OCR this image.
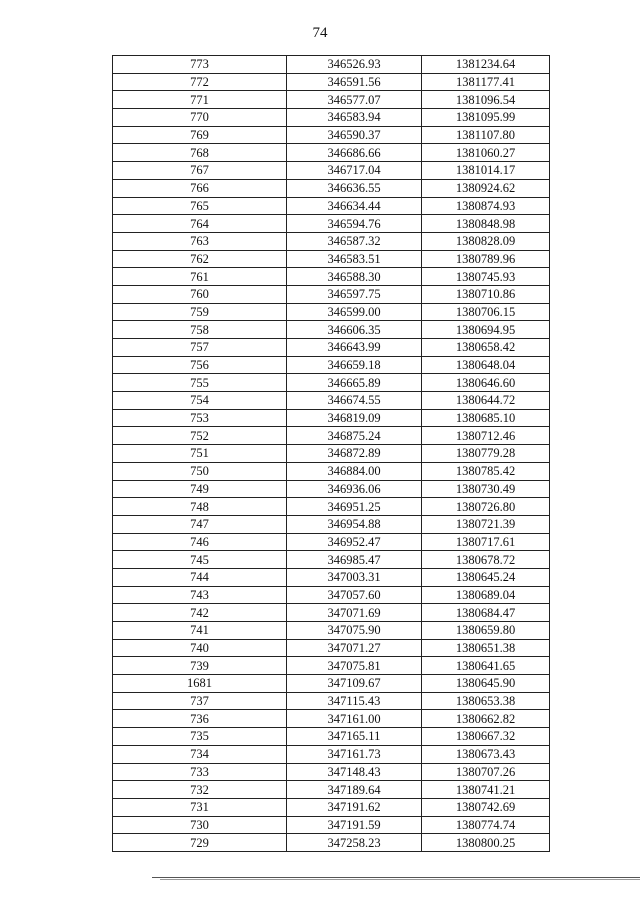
74
773	346526.93	1381234.64
772	346591.56	1381177.41
771	346577.07	1381096.54
770	346583.94	1381095.99
769	346590.37	1381107.80
768	346686.66	1381060.27
767	346717.04	1381014.17
766	346636.55	1380924.62
765	346634.44	1380874.93
764	346594.76	1380848.98
763	346587.32	1380828.09
762	346583.51	1380789.96
761	346588.30	1380745.93
760	346597.75	1380710.86
759	346599.00	1380706.15
758	346606.35	1380694.95
757	346643.99	1380658.42
756	346659.18	1380648.04
755	346665.89	1380646.60
754	346674.55	1380644.72
753	346819.09	1380685.10
752	346875.24	1380712.46
751	346872.89	1380779.28
750	346884.00	1380785.42
749	346936.06	1380730.49
748	346951.25	1380726.80
747	346954.88	1380721.39
746	346952.47	1380717.61
745	346985.47	1380678.72
744	347003.31	1380645.24
743	347057.60	1380689.04
742	347071.69	1380684.47
741	347075.90	1380659.80
740	347071.27	1380651.38
739	347075.81	1380641.65
1681	347109.67	1380645.90
737	347115.43	1380653.38
736	347161.00	1380662.82
735	347165.11	1380667.32
734	347161.73	1380673.43
733	347148.43	1380707.26
732	347189.64	1380741.21
731	347191.62	1380742.69
730	347191.59	1380774.74
729	347258.23	1380800.25
